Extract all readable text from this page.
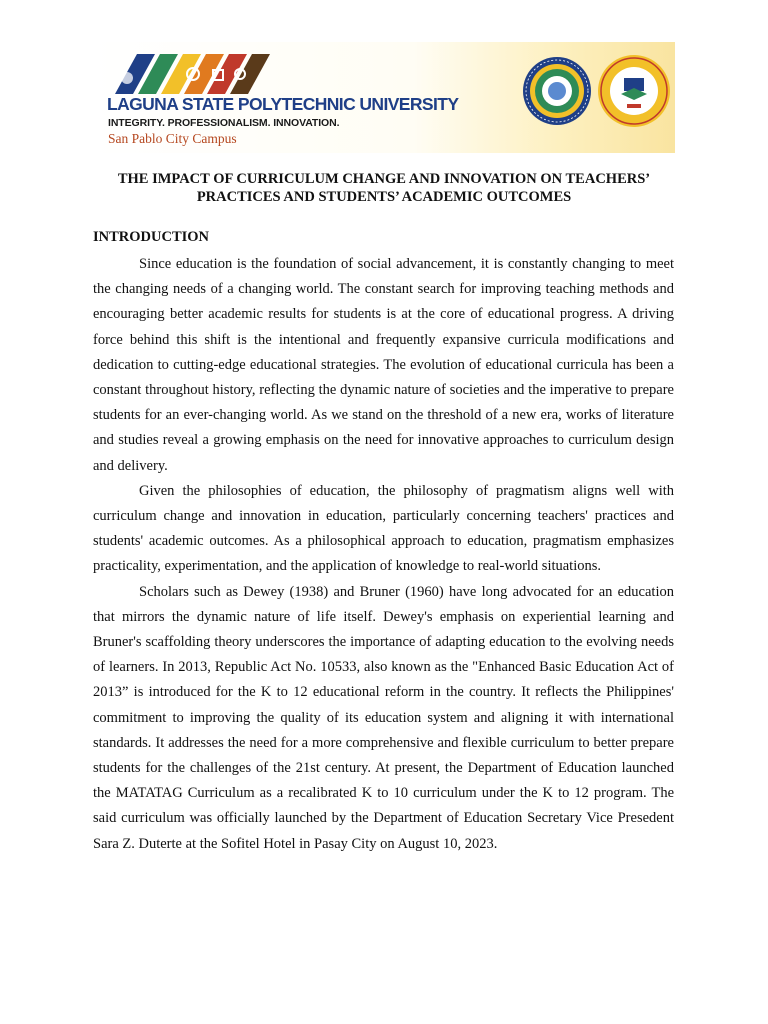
LAGUNA STATE POLYTECHNIC UNIVERSITY
INTEGRITY. PROFESSIONALISM. INNOVATION.
San Pablo City Campus
THE IMPACT OF CURRICULUM CHANGE AND INNOVATION ON TEACHERS’ PRACTICES AND STUDENTS’ ACADEMIC OUTCOMES
INTRODUCTION

Since education is the foundation of social advancement, it is constantly changing to meet the changing needs of a changing world. The constant search for improving teaching methods and encouraging better academic results for students is at the core of educational progress. A driving force behind this shift is the intentional and frequently expansive curricula modifications and dedication to cutting-edge educational strategies. The evolution of educational curricula has been a constant throughout history, reflecting the dynamic nature of societies and the imperative to prepare students for an ever-changing world. As we stand on the threshold of a new era, works of literature and studies reveal a growing emphasis on the need for innovative approaches to curriculum design and delivery.

Given the philosophies of education, the philosophy of pragmatism aligns well with curriculum change and innovation in education, particularly concerning teachers' practices and students' academic outcomes. As a philosophical approach to education, pragmatism emphasizes practicality, experimentation, and the application of knowledge to real-world situations.

Scholars such as Dewey (1938) and Bruner (1960) have long advocated for an education that mirrors the dynamic nature of life itself. Dewey's emphasis on experiential learning and Bruner's scaffolding theory underscores the importance of adapting education to the evolving needs of learners. In 2013, Republic Act No. 10533, also known as the "Enhanced Basic Education Act of 2013” is introduced for the K to 12 educational reform in the country. It reflects the Philippines' commitment to improving the quality of its education system and aligning it with international standards. It addresses the need for a more comprehensive and flexible curriculum to better prepare students for the challenges of the 21st century. At present, the Department of Education launched the MATATAG Curriculum as a recalibrated K to 10 curriculum under the K to 12 program. The said curriculum was officially launched by the Department of Education Secretary Vice Presedent Sara Z. Duterte at the Sofitel Hotel in Pasay City on August 10, 2023.
